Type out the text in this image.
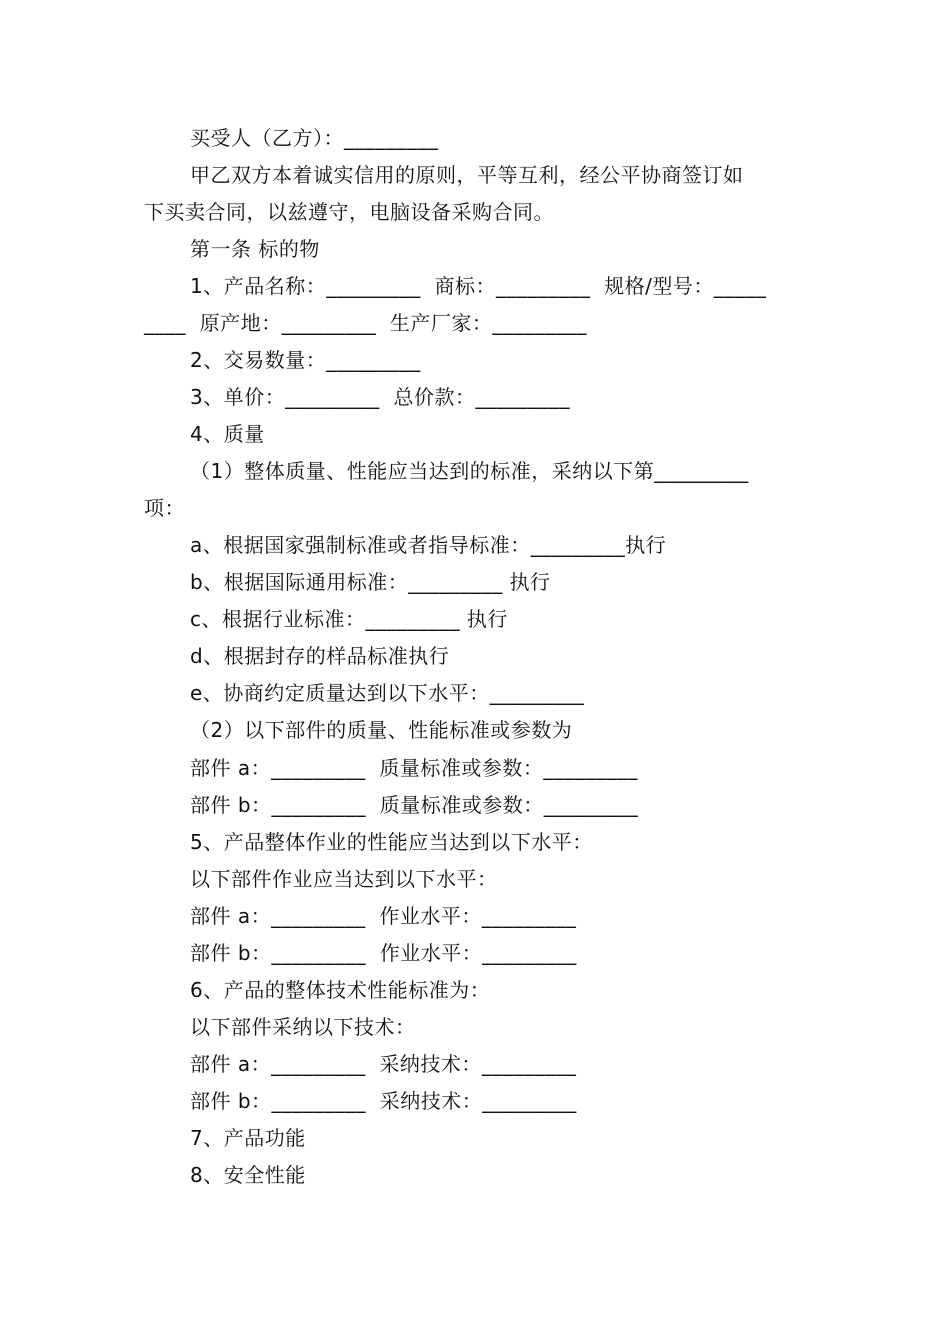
买受人（乙方）：_________
甲乙双方本着诚实信用的原则，平等互利，经公平协商签订如
下买卖合同，以兹遵守，电脑设备采购合同。
第一条 标的物
1、产品名称：_________  商标：_________  规格/型号：_____
____  原产地：_________  生产厂家：_________
2、交易数量：_________
3、单价：_________  总价款：_________
4、质量
（1）整体质量、性能应当达到的标准，采纳以下第_________
项：
a、根据国家强制标准或者指导标准：_________执行
b、根据国际通用标准：_________ 执行
c、根据行业标准：_________ 执行
d、根据封存的样品标准执行
e、协商约定质量达到以下水平：_________
（2）以下部件的质量、性能标准或参数为
部件 a：_________  质量标准或参数：_________
部件 b：_________  质量标准或参数：_________
5、产品整体作业的性能应当达到以下水平：
以下部件作业应当达到以下水平：
部件 a：_________  作业水平：_________
部件 b：_________  作业水平：_________
6、产品的整体技术性能标准为：
以下部件采纳以下技术：
部件 a：_________  采纳技术：_________
部件 b：_________  采纳技术：_________
7、产品功能
8、安全性能
